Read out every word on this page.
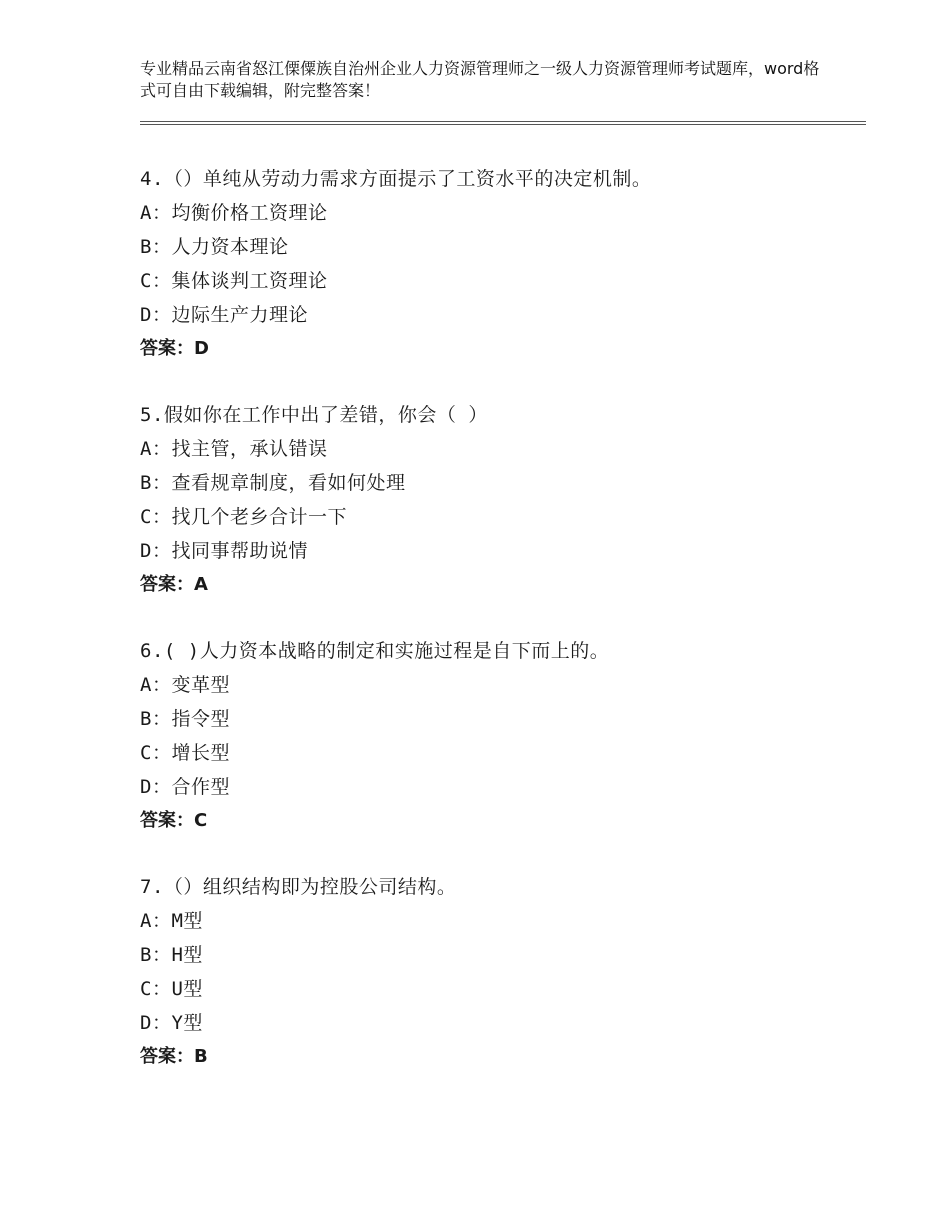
专业精品云南省怒江傈僳族自治州企业人力资源管理师之一级人力资源管理师考试题库，word格式可自由下载编辑，附完整答案！
4.（）单纯从劳动力需求方面提示了工资水平的决定机制。
A：均衡价格工资理论
B：人力资本理论
C：集体谈判工资理论
D：边际生产力理论
答案：D
5.假如你在工作中出了差错，你会（ ）
A：找主管，承认错误
B：查看规章制度，看如何处理
C：找几个老乡合计一下
D：找同事帮助说情
答案：A
6.( )人力资本战略的制定和实施过程是自下而上的。
A：变革型
B：指令型
C：增长型
D：合作型
答案：C
7.（）组织结构即为控股公司结构。
A：M型
B：H型
C：U型
D：Y型
答案：B
